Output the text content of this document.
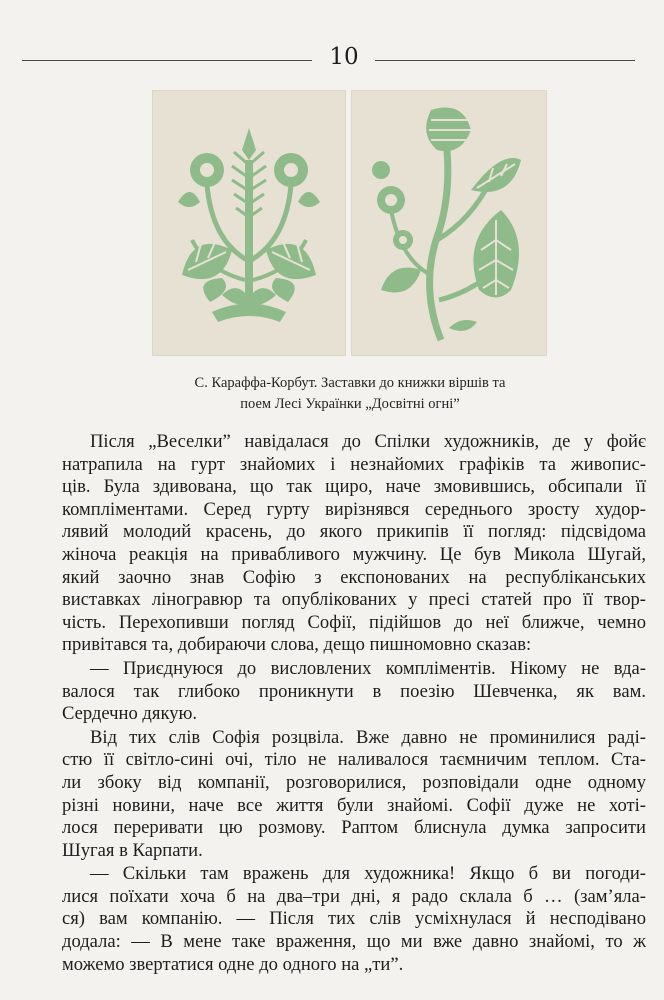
10
С. Караффа-Корбут. Заставки до книжки віршів та
поем Лесі Українки „Досвітні огні”
Після „Веселки” навідалася до Спілки художників, де у фойє
натрапила на гурт знайомих і незнайомих графіків та живопис-
ців. Була здивована, що так щиро, наче змовившись, обсипали її
компліментами. Серед гурту вирізнявся середнього зросту худор-
лявий молодий красень, до якого прикипів її погляд: підсвідома
жіноча реакція на привабливого мужчину. Це був Микола Шугай,
який заочно знав Софію з експонованих на республіканських
виставках ліногравюр та опублікованих у пресі статей про її твор-
чість. Перехопивши погляд Софії, підійшов до неї ближче, чемно
привітався та, добираючи слова, дещо пишномовно сказав:
— Приєднуюся до висловлених компліментів. Нікому не вда-
валося так глибоко проникнути в поезію Шевченка, як вам.
Сердечно дякую.
Від тих слів Софія розцвіла. Вже давно не проминилися раді-
стю її світло-сині очі, тіло не наливалося таємничим теплом. Ста-
ли збоку від компанії, розговорилися, розповідали одне одному
різні новини, наче все життя були знайомі. Софії дуже не хоті-
лося переривати цю розмову. Раптом блиснула думка запросити
Шугая в Карпати.
— Скільки там вражень для художника! Якщо б ви погоди-
лися поїхати хоча б на два–три дні, я радо склала б … (зам’ялa-
ся) вам компанію. — Після тих слів усміхнулася й несподівано
додала: — В мене таке враження, що ми вже давно знайомі, то ж
можемо звертатися одне до одного на „ти”.
